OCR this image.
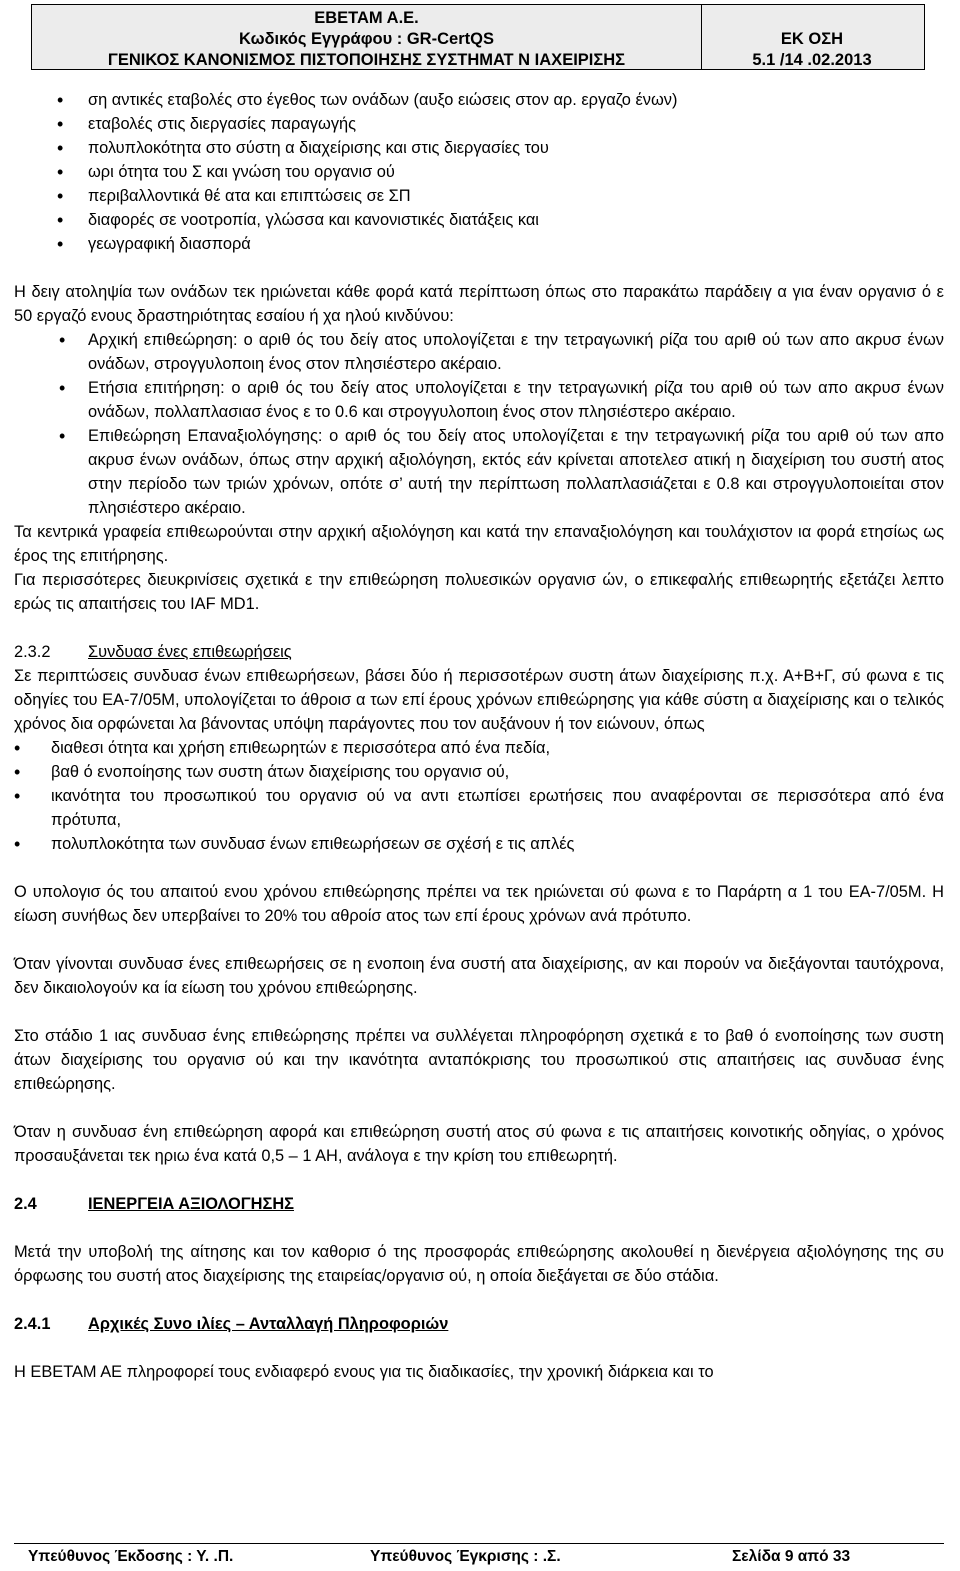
ΕΒΕΤΑΜ Α.Ε.
Κωδικός Εγγράφου : GR-CertQS
ΓΕΝΙΚΟΣ ΚΑΝΟΝΙΣΜΟΣ ΠΙΣΤΟΠΟΙΗΣΗΣ ΣΥΣΤΗΜΑΤ Ν ΙΑΧΕΙΡΙΣΗΣ
ΕΚ ΟΣΗ
5.1 /14 .02.2013
• ση αντικές εταβολές στο έγεθος των ονάδων (αυξο ειώσεις στον αρ. εργαζο ένων)
• εταβολές στις διεργασίες παραγωγής
• πολυπλοκότητα στο σύστη α διαχείρισης και στις διεργασίες του
• ωρι ότητα του Σ και γνώση του οργανισ ού
• περιβαλλοντικά θέ ατα και επιπτώσεις σε ΣΠ
• διαφορές σε νοοτροπία, γλώσσα και κανονιστικές διατάξεις και
• γεωγραφική διασπορά

Η δειγ ατοληψία των ονάδων τεκ ηριώνεται κάθε φορά κατά περίπτωση όπως στο παρακάτω παράδειγ α για έναν οργανισ ό ε 50 εργαζό ενους δραστηριότητας εσαίου ή χα ηλού κινδύνου:

• Αρχική επιθεώρηση: ο αριθ ός του δείγ ατος υπολογίζεται ε την τετραγωνική ρίζα του αριθ ού των απο ακρυσ ένων ονάδων, στρογγυλοποιη ένος στον πλησιέστερο ακέραιο.
• Ετήσια επιτήρηση: ο αριθ ός του δείγ ατος υπολογίζεται ε την τετραγωνική ρίζα του αριθ ού των απο ακρυσ ένων ονάδων, πολλαπλασιασ ένος ε το 0.6 και στρογγυλοποιη ένος στον πλησιέστερο ακέραιο.
• Επιθεώρηση Επαναξιολόγησης: ο αριθ ός του δείγ ατος υπολογίζεται ε την τετραγωνική ρίζα του αριθ ού των απο ακρυσ ένων ονάδων, όπως στην αρχική αξιολόγηση, εκτός εάν κρίνεται αποτελεσ ατική η διαχείριση του συστή ατος στην περίοδο των τριών χρόνων, οπότε σ’ αυτή την περίπτωση πολλαπλασιάζεται ε 0.8 και στρογγυλοποιείται στον πλησιέστερο ακέραιο.

Τα κεντρικά γραφεία επιθεωρούνται στην αρχική αξιολόγηση και κατά την επαναξιολόγηση και τουλάχιστον ια φορά ετησίως ως έρος της επιτήρησης.

Για περισσότερες διευκρινίσεις σχετικά ε την επιθεώρηση πολυεσικών οργανισ ών, ο επικεφαλής επιθεωρητής εξετάζει λεπτο ερώς τις απαιτήσεις του IAF MD1.

2.3.2 Συνδυασ ένες επιθεωρήσεις

Σε περιπτώσεις συνδυασ ένων επιθεωρήσεων, βάσει δύο ή περισσοτέρων συστη άτων διαχείρισης π.χ. Α+Β+Γ, σύ φωνα ε τις οδηγίες του ΕΑ-7/05Μ, υπολογίζεται το άθροισ α των επί έρους χρόνων επιθεώρησης για κάθε σύστη α διαχείρισης και ο τελικός χρόνος δια ορφώνεται λα βάνοντας υπόψη παράγοντες που τον αυξάνουν ή τον ειώνουν, όπως

• διαθεσι ότητα και χρήση επιθεωρητών ε περισσότερα από ένα πεδία,
• βαθ ό ενοποίησης των συστη άτων διαχείρισης του οργανισ ού,
• ικανότητα του προσωπικού του οργανισ ού να αντι ετωπίσει ερωτήσεις που αναφέρονται σε περισσότερα από ένα πρότυπα,
• πολυπλοκότητα των συνδυασ ένων επιθεωρήσεων σε σχέσή ε τις απλές

Ο υπολογισ ός του απαιτού ενου χρόνου επιθεώρησης πρέπει να τεκ ηριώνεται σύ φωνα ε το Παράρτη α 1 του ΕΑ-7/05Μ. Η είωση συνήθως δεν υπερβαίνει το 20% του αθροίσ ατος των επί έρους χρόνων ανά πρότυπο.

Όταν γίνονται συνδυασ ένες επιθεωρήσεις σε η ενοποιη ένα συστή ατα διαχείρισης, αν και πορούν να διεξάγονται ταυτόχρονα, δεν δικαιολογούν κα ία είωση του χρόνου επιθεώρησης.

Στο στάδιο 1 ιας συνδυασ ένης επιθεώρησης πρέπει να συλλέγεται πληροφόρηση σχετικά ε το βαθ ό ενοποίησης των συστη άτων διαχείρισης του οργανισ ού και την ικανότητα ανταπόκρισης του προσωπικού στις απαιτήσεις ιας συνδυασ ένης επιθεώρησης.

Όταν η συνδυασ ένη επιθεώρηση αφορά και επιθεώρηση συστή ατος σύ φωνα ε τις απαιτήσεις κοινοτικής οδηγίας, ο χρόνος προσαυξάνεται τεκ ηριω ένα κατά 0,5 – 1 ΑΗ, ανάλογα ε την κρίση του επιθεωρητή.

2.4	ΙΕΝΕΡΓΕΙΑ ΑΞΙΟΛΟΓΗΣΗΣ

Μετά την υποβολή της αίτησης και τον καθορισ ό της προσφοράς επιθεώρησης ακολουθεί η διενέργεια αξιολόγησης της συ όρφωσης του συστή ατος διαχείρισης της εταιρείας/οργανισ ού, η οποία διεξάγεται σε δύο στάδια.

2.4.1 Αρχικές Συνο ιλίες – Ανταλλαγή Πληροφοριών

Η ΕΒΕΤΑΜ ΑΕ πληροφορεί τους ενδιαφερό ενους για τις διαδικασίες, την χρονική διάρκεια και το

Υπεύθυνος Έκδοσης : Υ. .Π.	Υπεύθυνος Έγκρισης : .Σ.	Σελίδα 9 από 33
